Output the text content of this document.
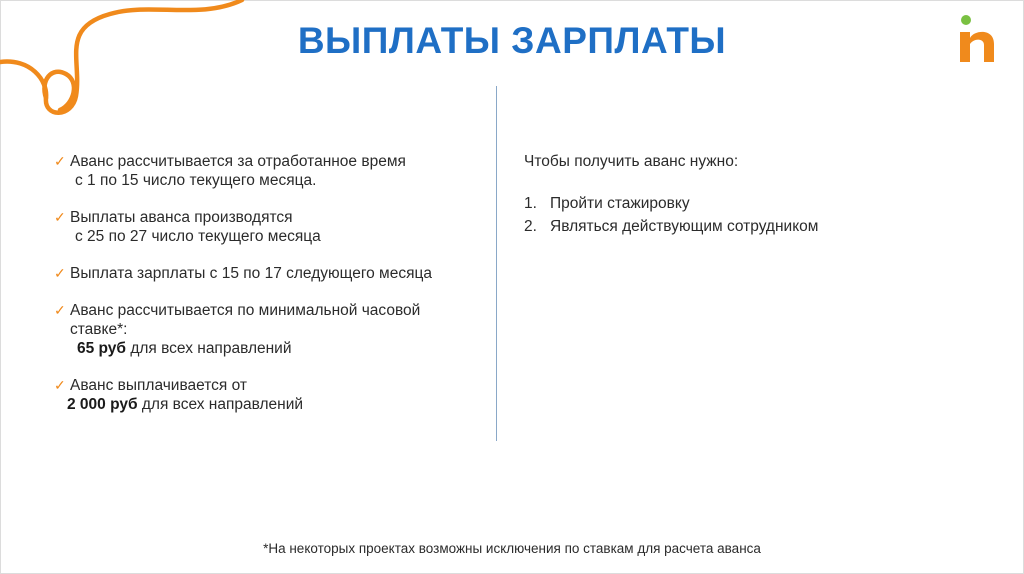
ВЫПЛАТЫ ЗАРПЛАТЫ
✓ Аванс рассчитывается за отработанное время
с 1 по 15 число текущего месяца.
✓ Выплаты аванса производятся
с 25 по 27 число текущего месяца
✓ Выплата зарплаты с 15 по 17 следующего месяца
✓ Аванс рассчитывается по минимальной часовой
ставке*:
65 руб для всех направлений
✓ Аванс выплачивается от
2 000 руб для всех направлений
Чтобы получить аванс нужно:
1. Пройти стажировку
2. Являться действующим сотрудником
*На некоторых проектах возможны исключения по ставкам для расчета аванса
